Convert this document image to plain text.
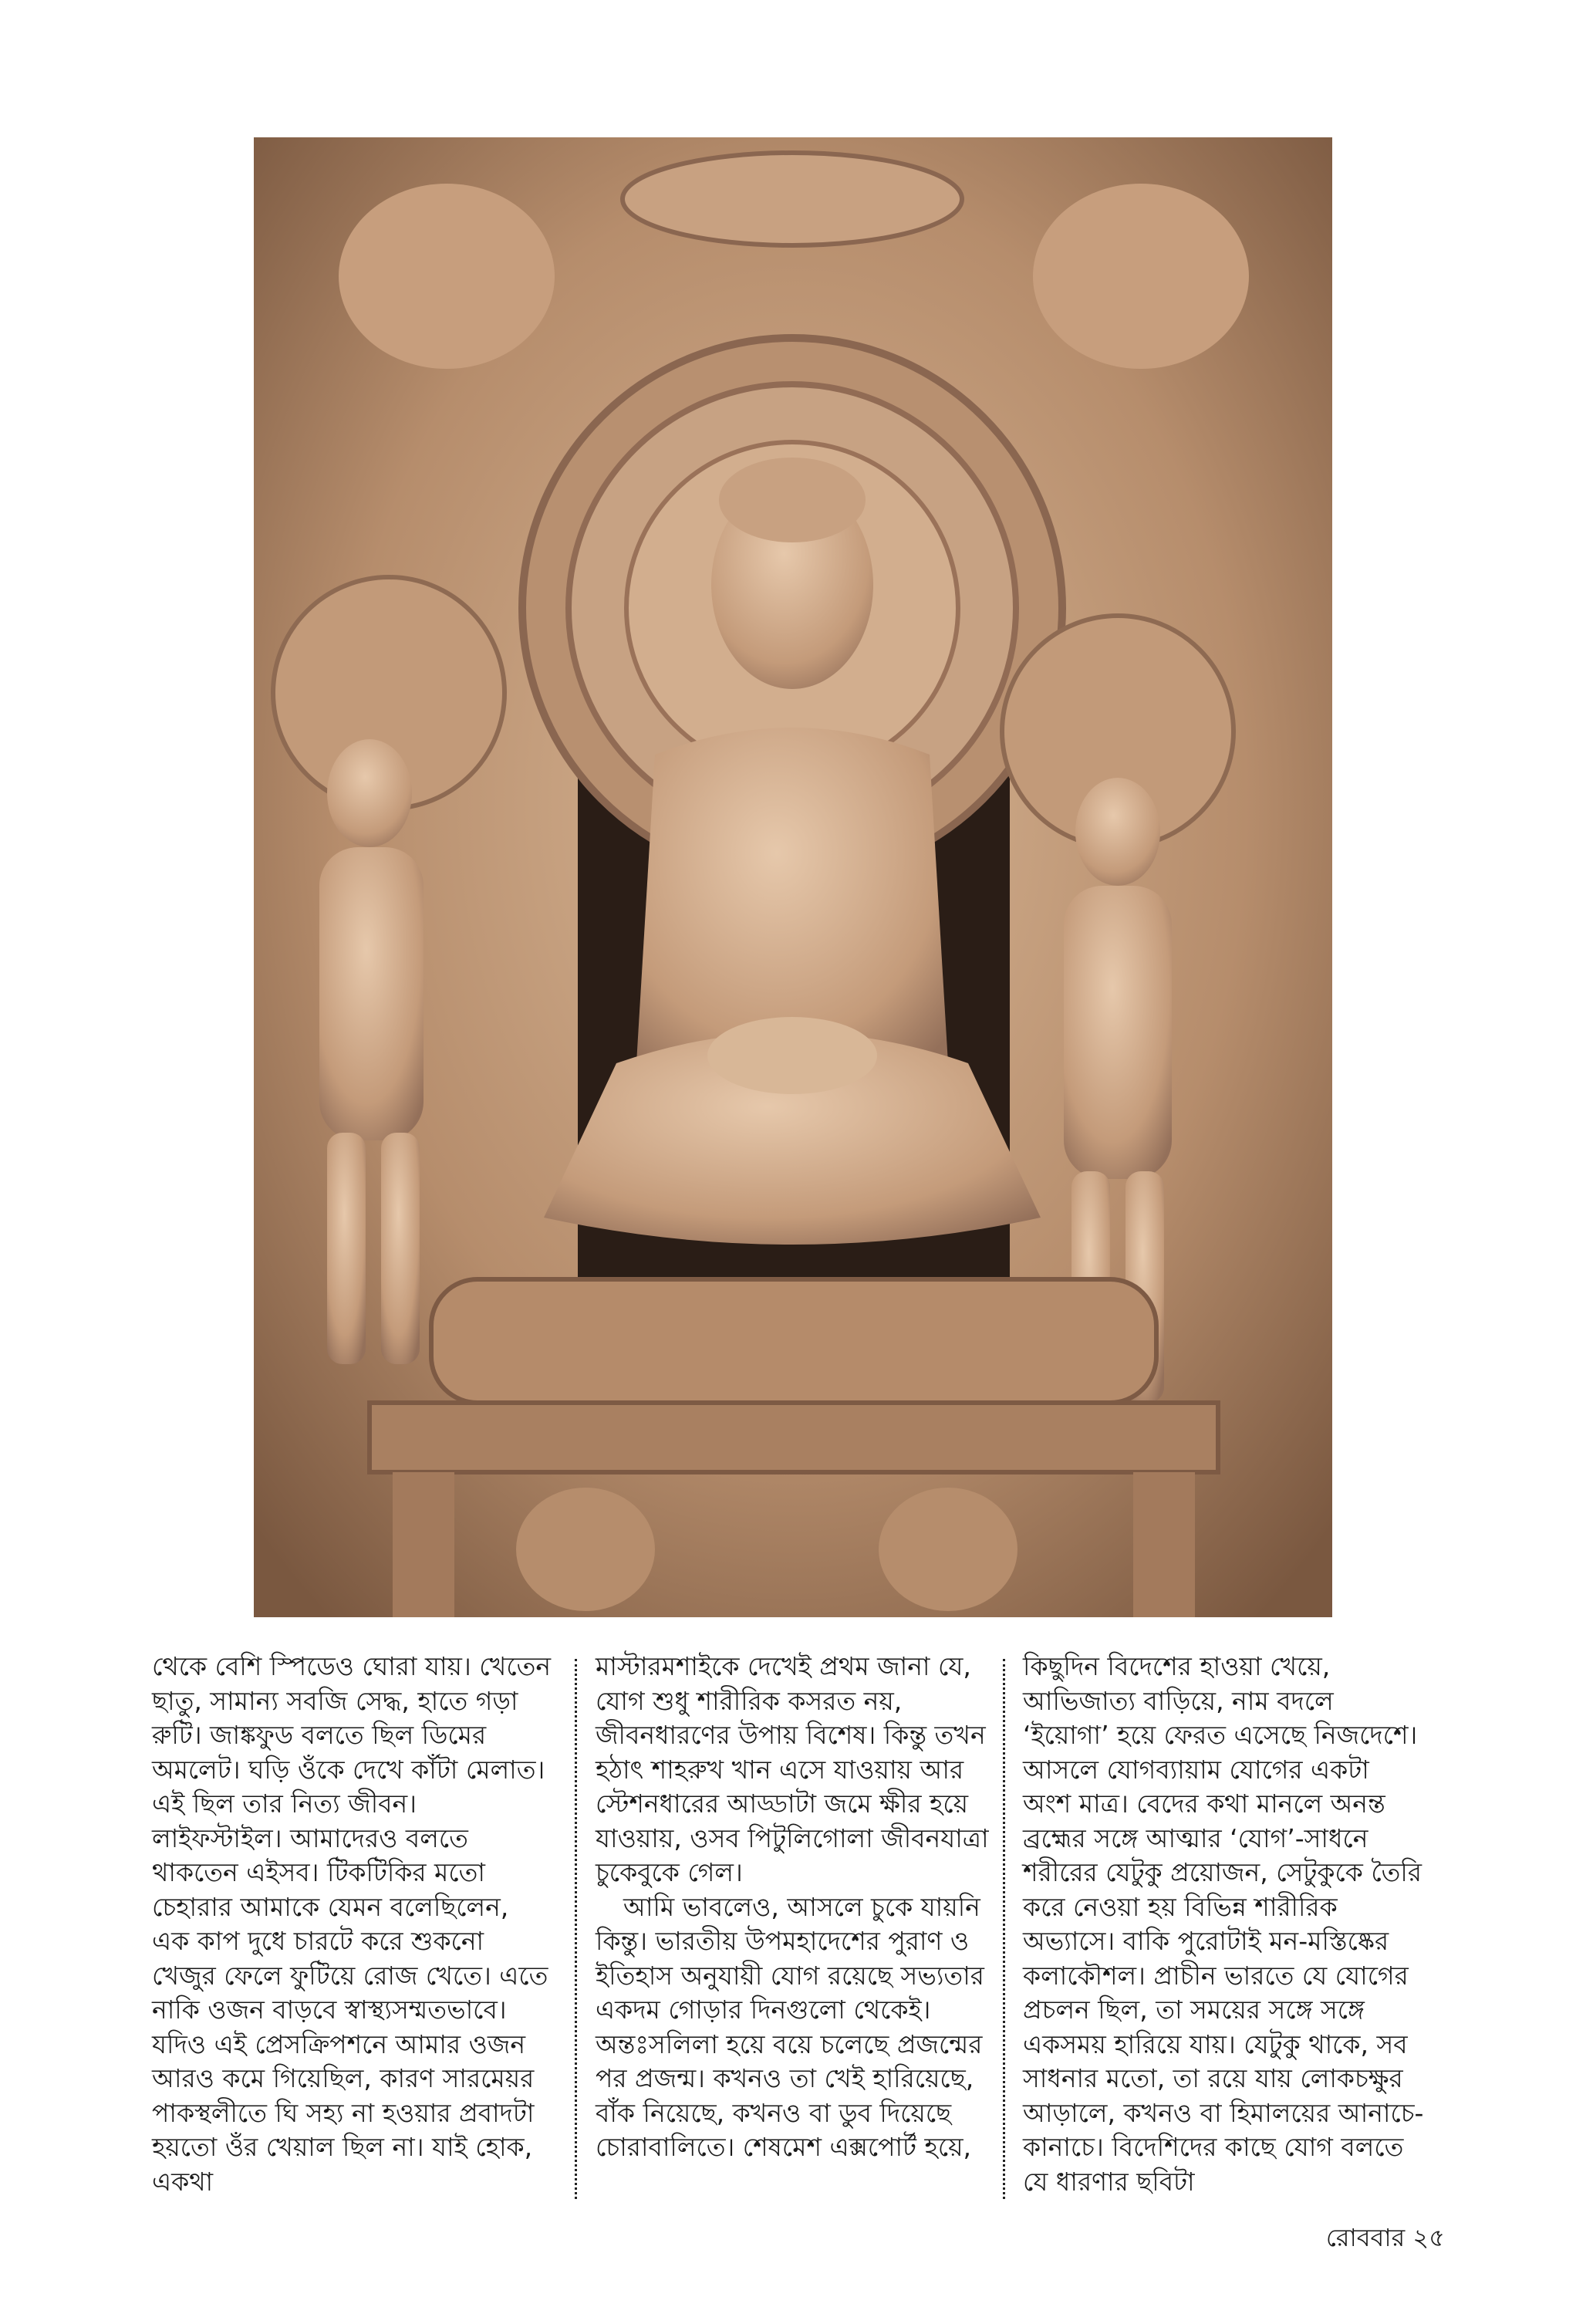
থেকে বেশি স্পিডেও ঘোরা যায়। খেতেন ছাতু, সামান্য সবজি সেদ্ধ, হাতে গড়া রুটি। জাঙ্কফুড বলতে ছিল ডিমের অমলেট। ঘড়ি ওঁকে দেখে কাঁটা মেলাত। এই ছিল তার নিত্য জীবন। লাইফস্টাইল। আমাদেরও বলতে থাকতেন এইসব। টিকটিকির মতো চেহারার আমাকে যেমন বলেছিলেন, এক কাপ দুধে চারটে করে শুকনো খেজুর ফেলে ফুটিয়ে রোজ খেতে। এতে নাকি ওজন বাড়বে স্বাস্থ্যসম্মতভাবে। যদিও এই প্রেসক্রিপশনে আমার ওজন আরও কমে গিয়েছিল, কারণ সারমেয়র পাকস্থলীতে ঘি সহ্য না হওয়ার প্রবাদটা হয়তো ওঁর খেয়াল ছিল না। যাই হোক, একথা

মাস্টারমশাইকে দেখেই প্রথম জানা যে, যোগ শুধু শারীরিক কসরত নয়, জীবনধারণের উপায় বিশেষ। কিন্তু তখন হঠাৎ শাহরুখ খান এসে যাওয়ায় আর স্টেশনধারের আড্ডাটা জমে ক্ষীর হয়ে যাওয়ায়, ওসব পিটুলিগোলা জীবনযাত্রা চুকেবুকে গেল।

আমি ভাবলেও, আসলে চুকে যায়নি কিন্তু। ভারতীয় উপমহাদেশের পুরাণ ও ইতিহাস অনুযায়ী যোগ রয়েছে সভ্যতার একদম গোড়ার দিনগুলো থেকেই। অন্তঃসলিলা হয়ে বয়ে চলেছে প্রজন্মের পর প্রজন্ম। কখনও তা খেই হারিয়েছে, বাঁক নিয়েছে, কখনও বা ডুব দিয়েছে চোরাবালিতে। শেষমেশ এক্সপোর্ট হয়ে,

কিছুদিন বিদেশের হাওয়া খেয়ে, আভিজাত্য বাড়িয়ে, নাম বদলে ‘ইয়োগা’ হয়ে ফেরত এসেছে নিজদেশে। আসলে যোগব্যায়াম যোগের একটা অংশ মাত্র। বেদের কথা মানলে অনন্ত ব্রহ্মের সঙ্গে আত্মার ‘যোগ’-সাধনে শরীরের যেটুকু প্রয়োজন, সেটুকুকে তৈরি করে নেওয়া হয় বিভিন্ন শারীরিক অভ্যাসে। বাকি পুরোটাই মন-মস্তিষ্কের কলাকৌশল। প্রাচীন ভারতে যে যোগের প্রচলন ছিল, তা সময়ের সঙ্গে সঙ্গে একসময় হারিয়ে যায়। যেটুকু থাকে, সব সাধনার মতো, তা রয়ে যায় লোকচক্ষুর আড়ালে, কখনও বা হিমালয়ের আনাচে-কানাচে। বিদেশিদের কাছে যোগ বলতে যে ধারণার ছবিটা

রোববার ২৫
